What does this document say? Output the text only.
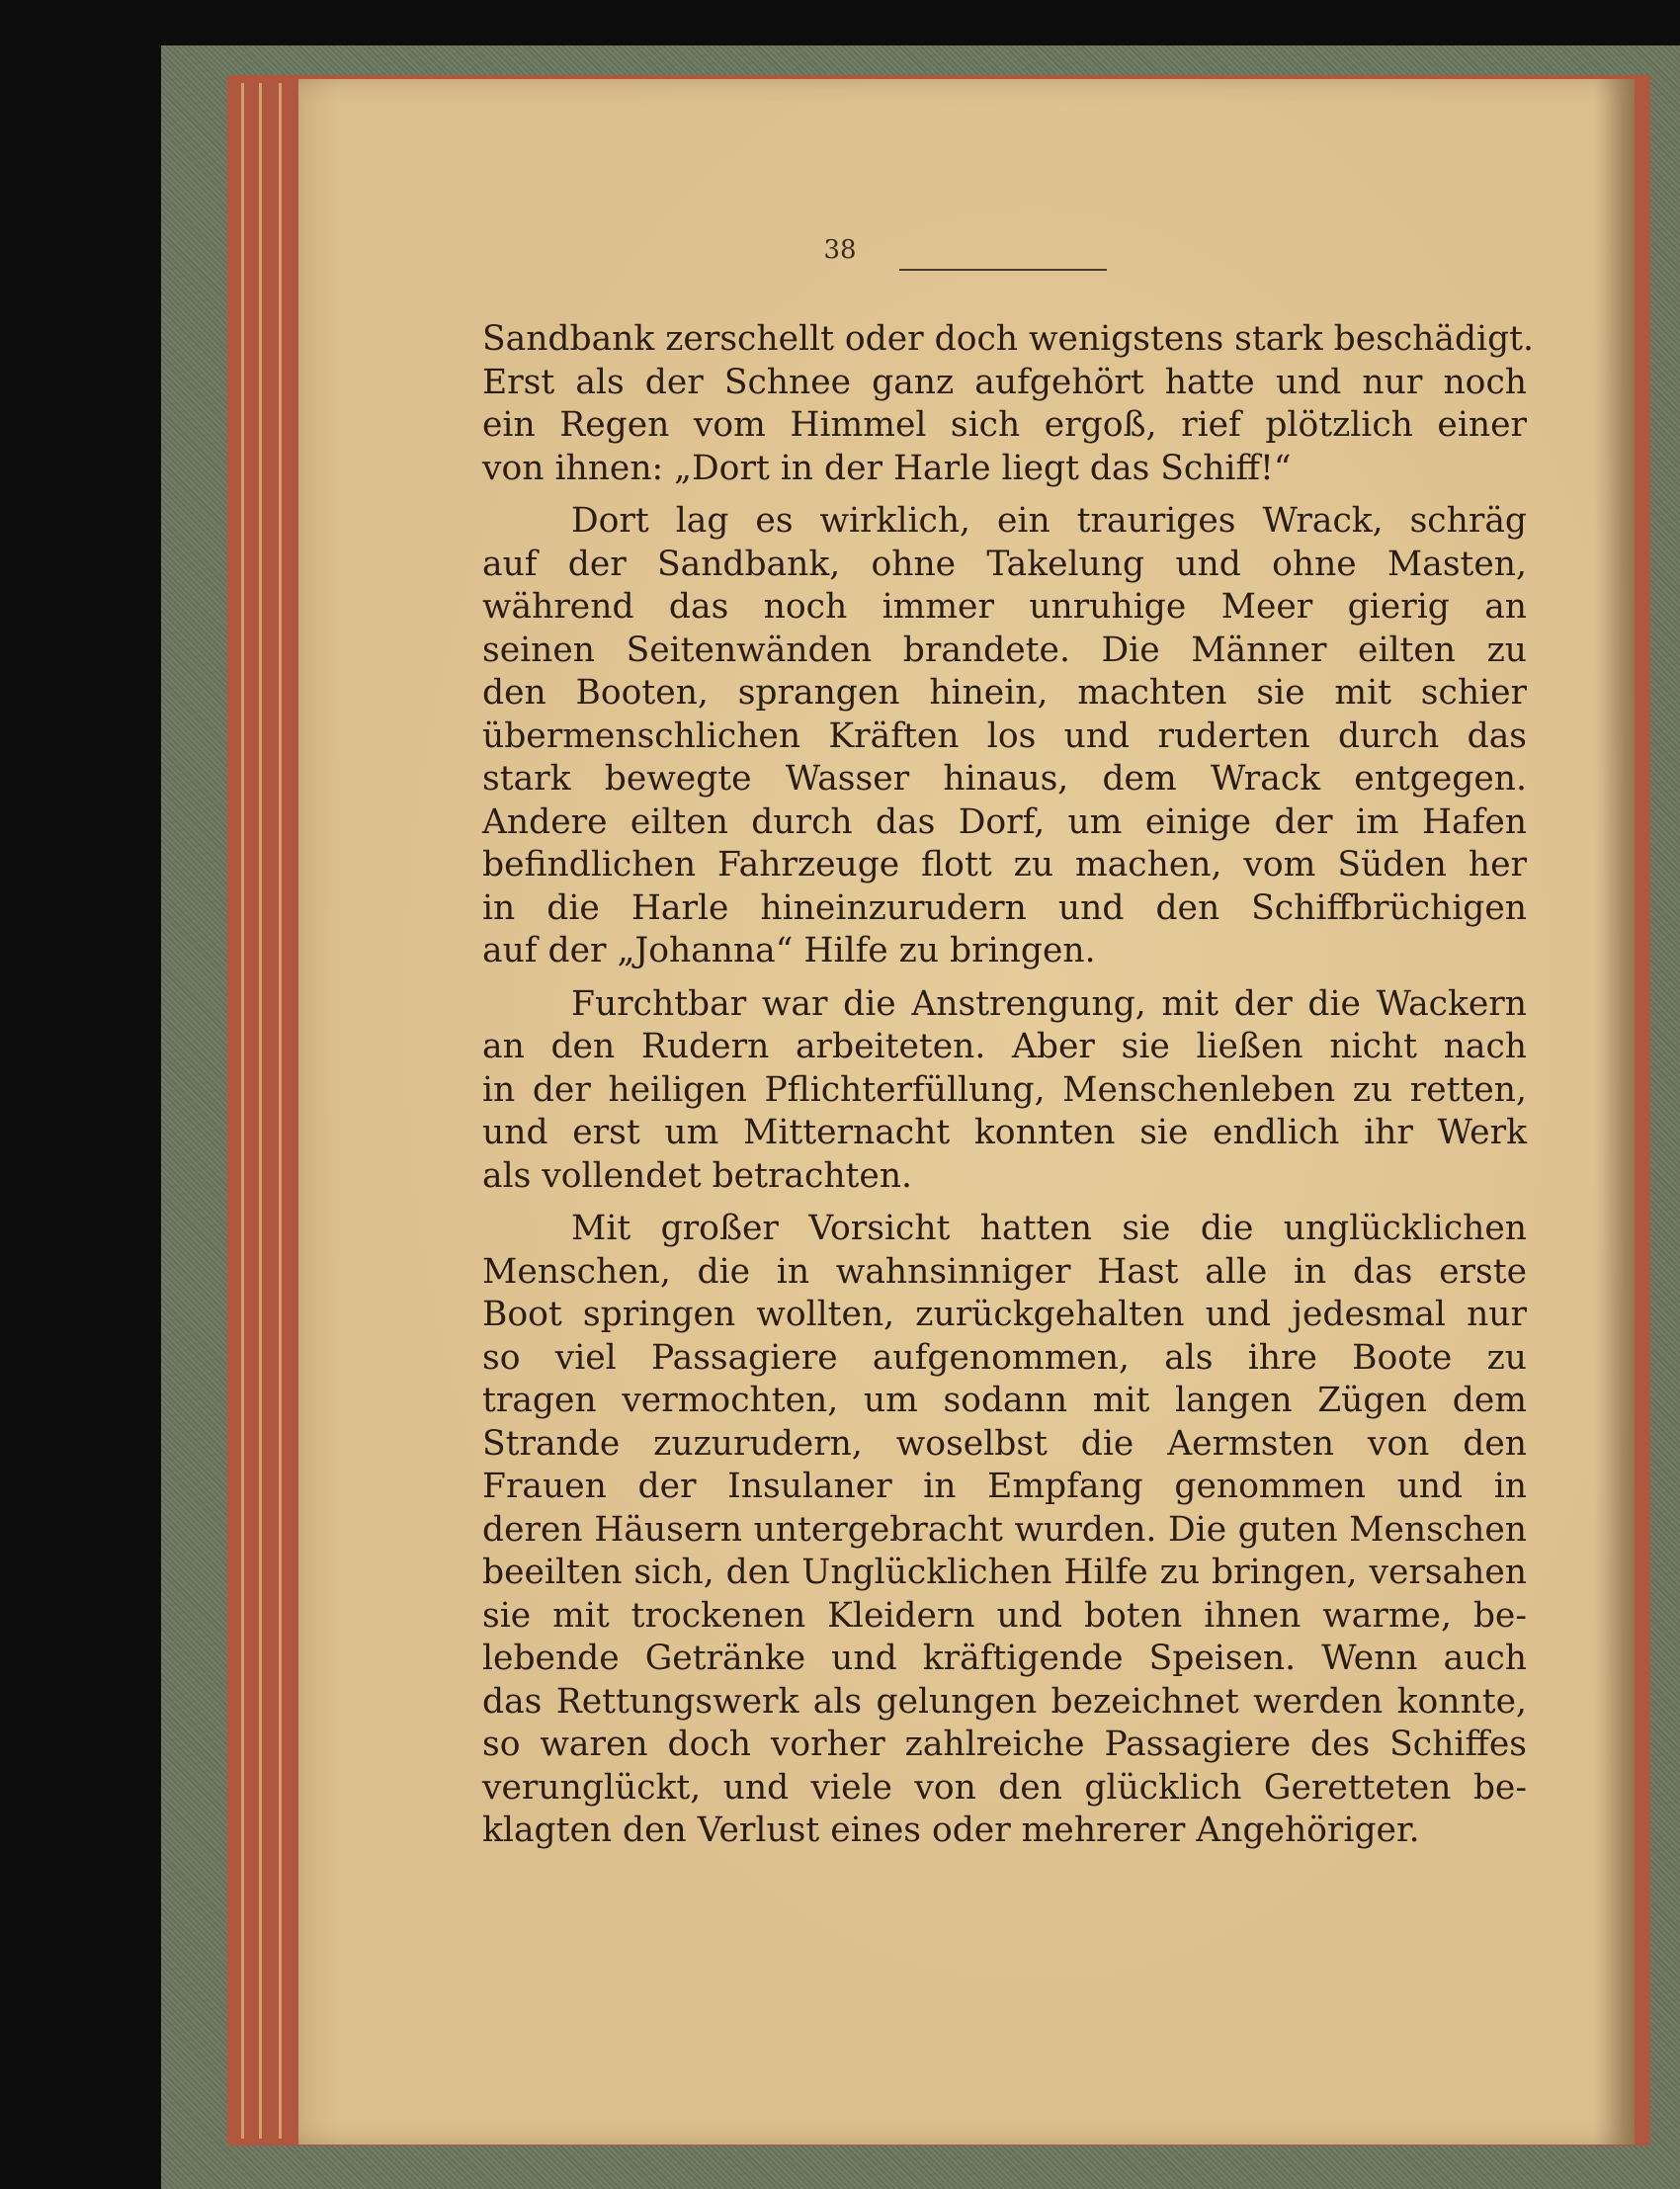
38

Sandbank zerschellt oder doch wenigstens stark beschädigt.
Erst als der Schnee ganz aufgehört hatte und nur noch
ein Regen vom Himmel sich ergoß, rief plötzlich einer
von ihnen: „Dort in der Harle liegt das Schiff!“

Dort lag es wirklich, ein trauriges Wrack, schräg
auf der Sandbank, ohne Takelung und ohne Masten,
während das noch immer unruhige Meer gierig an
seinen Seitenwänden brandete. Die Männer eilten zu
den Booten, sprangen hinein, machten sie mit schier
übermenschlichen Kräften los und ruderten durch das
stark bewegte Wasser hinaus, dem Wrack entgegen.
Andere eilten durch das Dorf, um einige der im Hafen
befindlichen Fahrzeuge flott zu machen, vom Süden her
in die Harle hineinzurudern und den Schiffbrüchigen
auf der „Johanna“ Hilfe zu bringen.

Furchtbar war die Anstrengung, mit der die Wackern
an den Rudern arbeiteten. Aber sie ließen nicht nach
in der heiligen Pflichterfüllung, Menschenleben zu retten,
und erst um Mitternacht konnten sie endlich ihr Werk
als vollendet betrachten.

Mit großer Vorsicht hatten sie die unglücklichen
Menschen, die in wahnsinniger Hast alle in das erste
Boot springen wollten, zurückgehalten und jedesmal nur
so viel Passagiere aufgenommen, als ihre Boote zu
tragen vermochten, um sodann mit langen Zügen dem
Strande zuzurudern, woselbst die Aermsten von den
Frauen der Insulaner in Empfang genommen und in
deren Häusern untergebracht wurden. Die guten Menschen
beeilten sich, den Unglücklichen Hilfe zu bringen, versahen
sie mit trockenen Kleidern und boten ihnen warme, be-
lebende Getränke und kräftigende Speisen. Wenn auch
das Rettungswerk als gelungen bezeichnet werden konnte,
so waren doch vorher zahlreiche Passagiere des Schiffes
verunglückt, und viele von den glücklich Geretteten be-
klagten den Verlust eines oder mehrerer Angehöriger.
